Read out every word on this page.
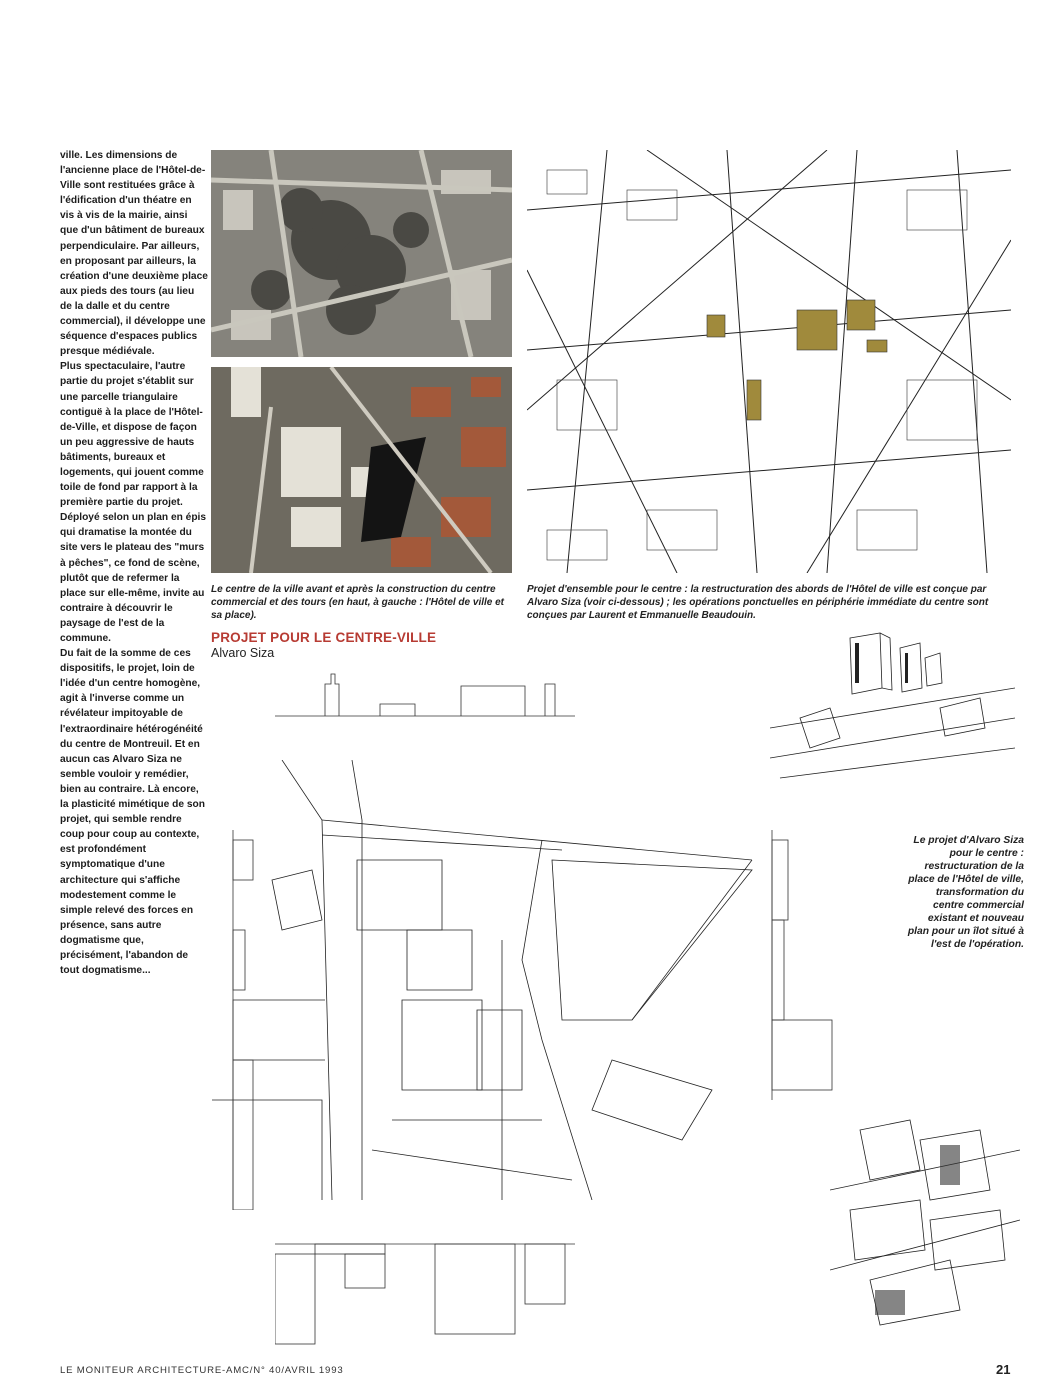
ville. Les dimensions de l'ancienne place de l'Hôtel-de-Ville sont restituées grâce à l'édification d'un théatre en vis à vis de la mairie, ainsi que d'un bâtiment de bureaux perpendiculaire. Par ailleurs, en proposant par ailleurs, la création d'une deuxième place aux pieds des tours (au lieu de la dalle et du centre commercial), il développe une séquence d'espaces publics presque médiévale.

Plus spectaculaire, l'autre partie du projet s'établit sur une parcelle triangulaire contiguë à la place de l'Hôtel-de-Ville, et dispose de façon un peu aggressive de hauts bâtiments, bureaux et logements, qui jouent comme toile de fond par rapport à la première partie du projet. Déployé selon un plan en épis qui dramatise la montée du site vers le plateau des "murs à pêches", ce fond de scène, plutôt que de refermer la place sur elle-même, invite au contraire à découvrir le paysage de l'est de la commune.

Du fait de la somme de ces dispositifs, le projet, loin de l'idée d'un centre homogène, agit à l'inverse comme un révélateur impitoyable de l'extraordinaire hétérogénéité du centre de Montreuil. Et en aucun cas Alvaro Siza ne semble vouloir y remédier, bien au contraire. Là encore, la plasticité mimétique de son projet, qui semble rendre coup pour coup au contexte, est profondément symptomatique d'une architecture qui s'affiche modestement comme le simple relevé des forces en présence, sans autre dogmatisme que, précisément, l'abandon de tout dogmatisme...

Le centre de la ville avant et après la construction du centre commercial et des tours (en haut, à gauche : l'Hôtel de ville et sa place).
Projet d'ensemble pour le centre : la restructuration des abords de l'Hôtel de ville est conçue par Alvaro Siza (voir ci-dessous) ; les opérations ponctuelles en périphérie immédiate du centre sont conçues par Laurent et Emmanuelle Beaudouin.
PROJET POUR LE CENTRE-VILLE
Alvaro Siza
Le projet d'Alvaro Siza pour le centre : restructuration de la place de l'Hôtel de ville, transformation du centre commercial existant et nouveau plan pour un îlot situé à l'est de l'opération.
LE MONITEUR ARCHITECTURE-AMC/N° 40/AVRIL 1993	21
